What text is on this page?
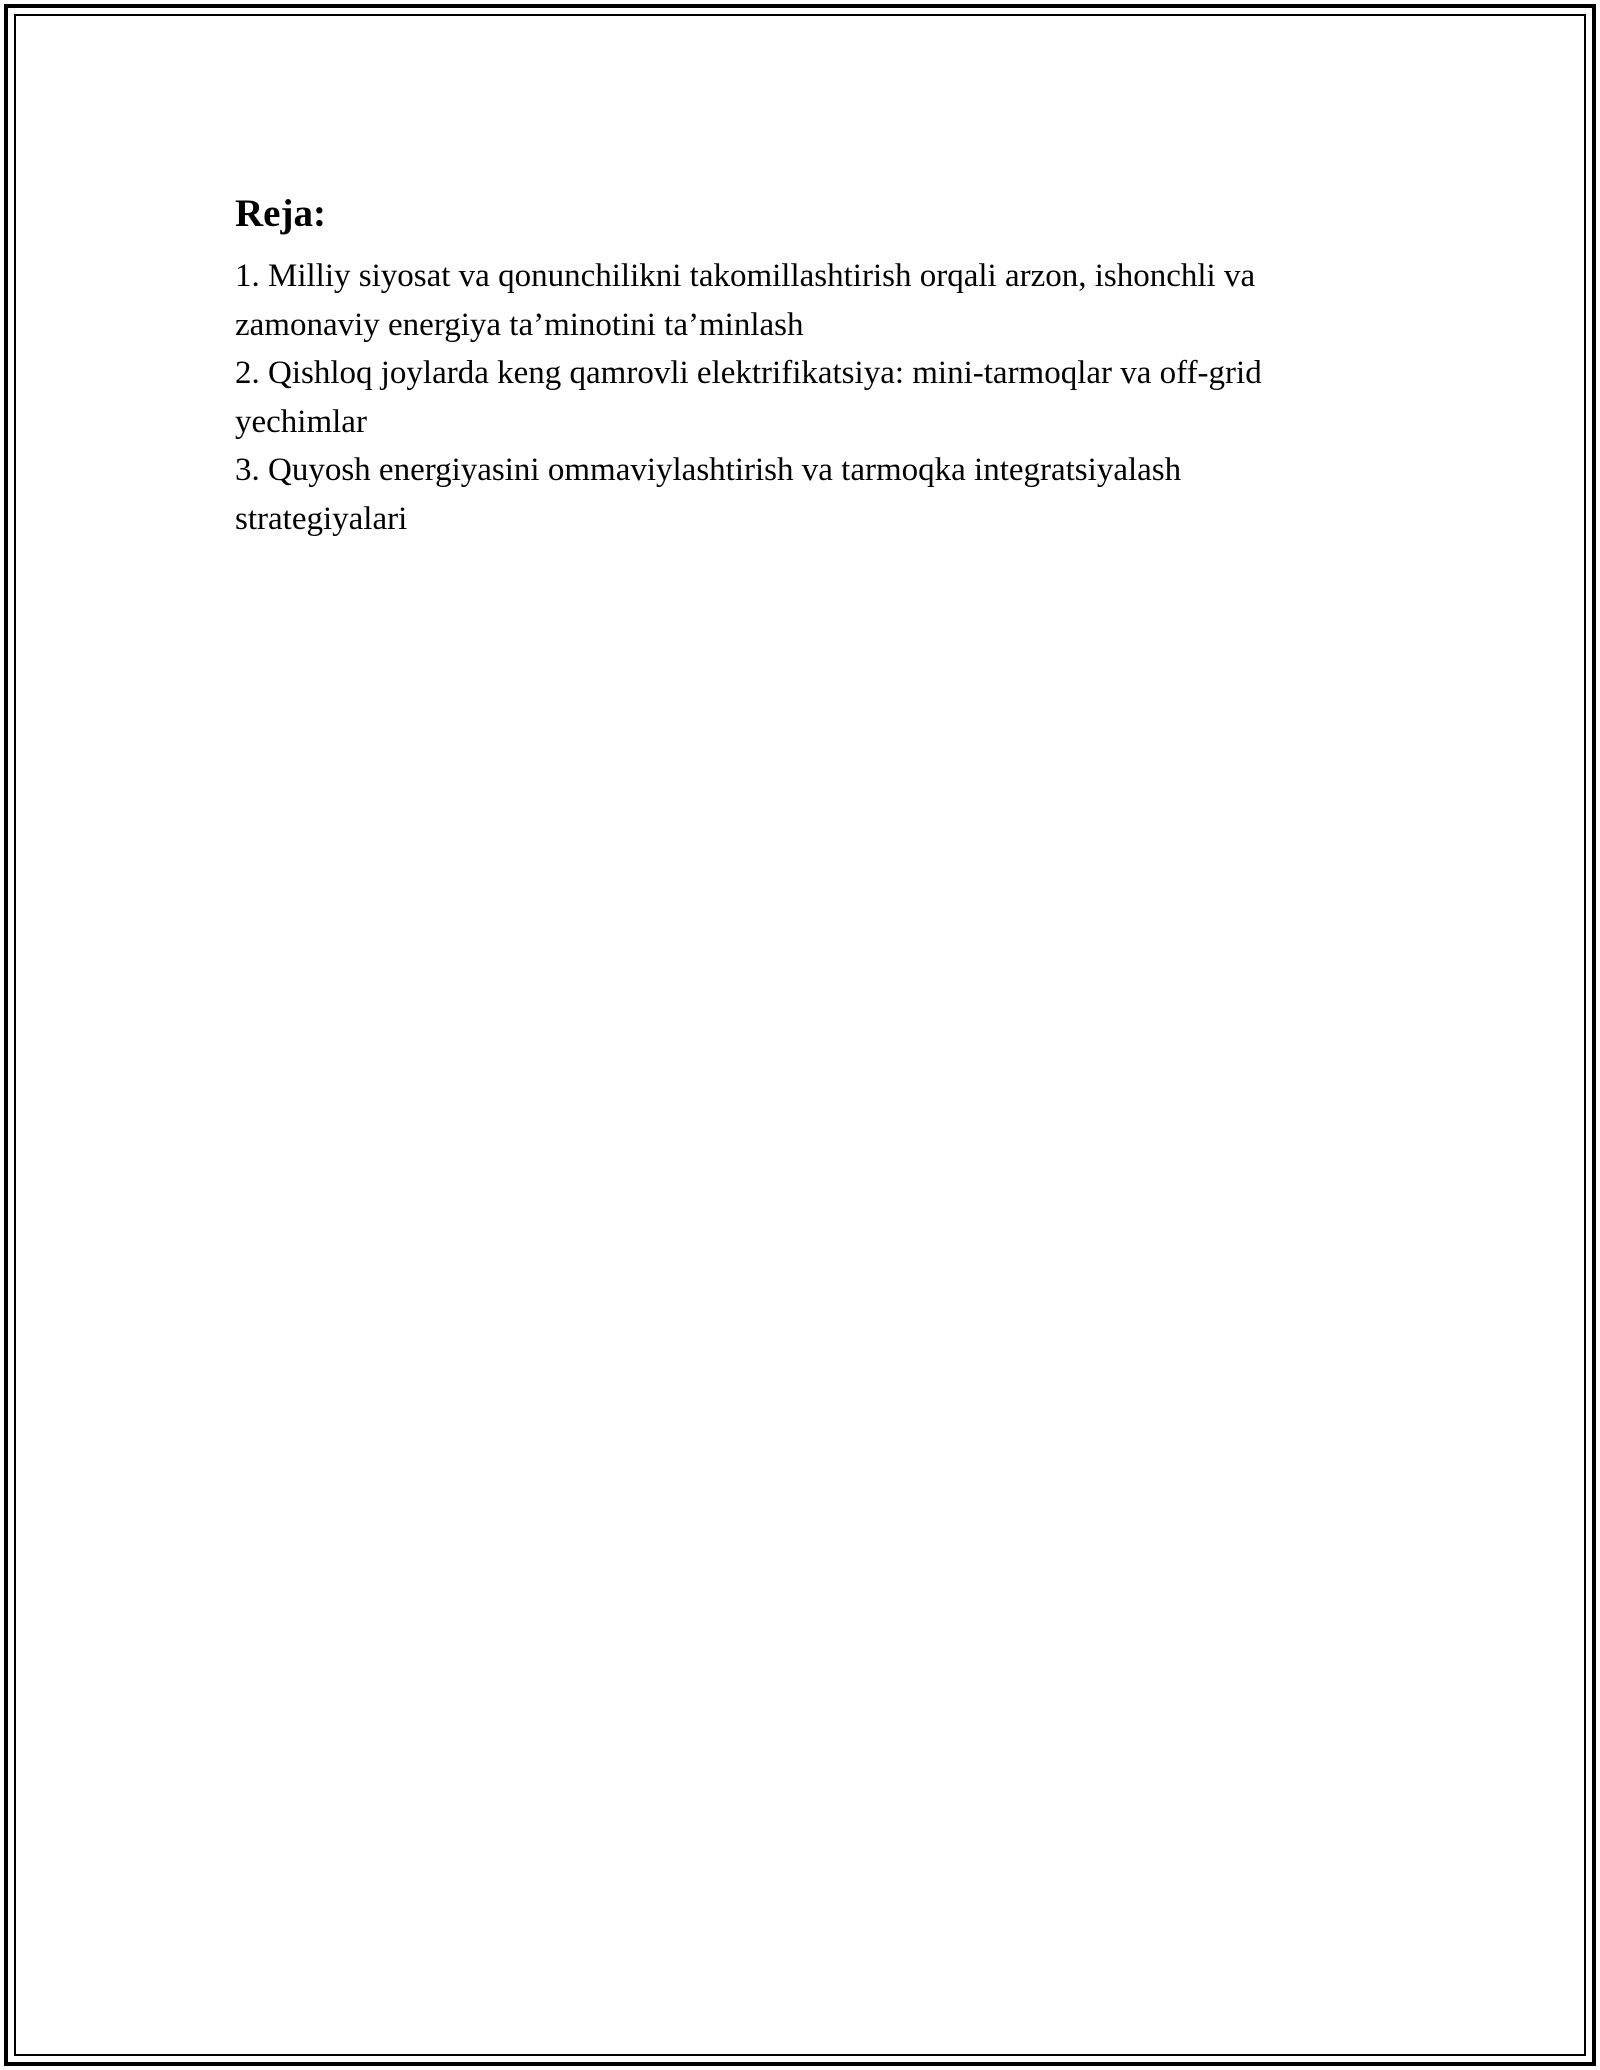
Reja:
1. Milliy siyosat va qonunchilikni takomillashtirish orqali arzon, ishonchli va zamonaviy energiya ta’minotini ta’minlash
2. Qishloq joylarda keng qamrovli elektrifikatsiya: mini-tarmoqlar va off-grid yechimlar
3. Quyosh energiyasini ommaviylashtirish va tarmoqka integratsiyalash strategiyalari
